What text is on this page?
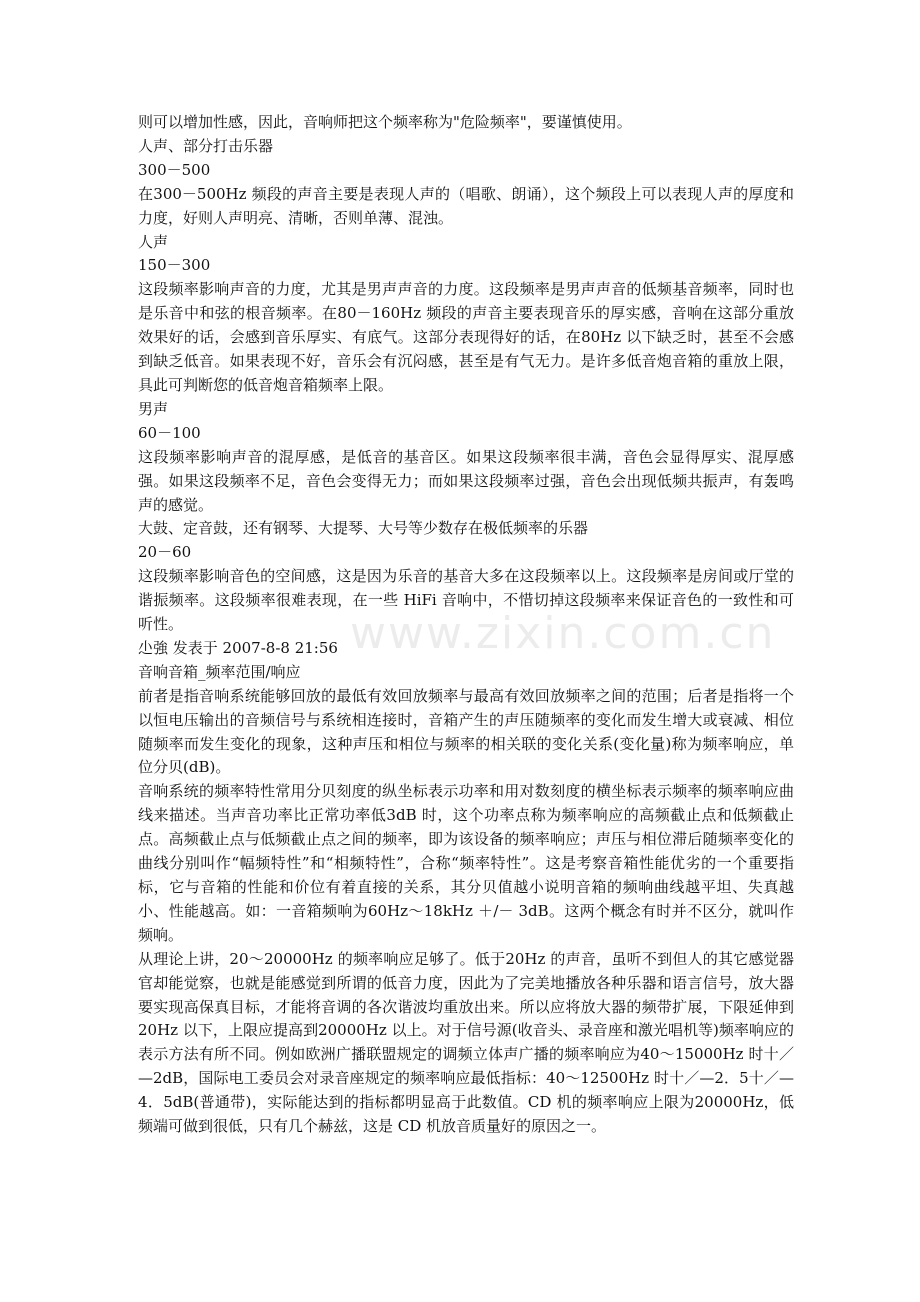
则可以增加性感，因此，音响师把这个频率称为"危险频率"，要谨慎使用。

人声、部分打击乐器

300－500

在300－500Hz 频段的声音主要是表现人声的（唱歌、朗诵），这个频段上可以表现人声的厚度和力度，好则人声明亮、清晰，否则单薄、混浊。

人声

150－300

这段频率影响声音的力度，尤其是男声声音的力度。这段频率是男声声音的低频基音频率，同时也是乐音中和弦的根音频率。在80－160Hz 频段的声音主要表现音乐的厚实感，音响在这部分重放效果好的话，会感到音乐厚实、有底气。这部分表现得好的话，在80Hz 以下缺乏时，甚至不会感到缺乏低音。如果表现不好，音乐会有沉闷感，甚至是有气无力。是许多低音炮音箱的重放上限，具此可判断您的低音炮音箱频率上限。

男声

60－100

这段频率影响声音的混厚感，是低音的基音区。如果这段频率很丰满，音色会显得厚实、混厚感强。如果这段频率不足，音色会变得无力；而如果这段频率过强，音色会出现低频共振声，有轰鸣声的感觉。

大鼓、定音鼓，还有钢琴、大提琴、大号等少数存在极低频率的乐器

20－60

这段频率影响音色的空间感，这是因为乐音的基音大多在这段频率以上。这段频率是房间或厅堂的谐振频率。这段频率很难表现，在一些 HiFi 音响中，不惜切掉这段频率来保证音色的一致性和可听性。

尐強 发表于 2007-8-8 21:56

音响音箱_频率范围/响应

前者是指音响系统能够回放的最低有效回放频率与最高有效回放频率之间的范围；后者是指将一个以恒电压输出的音频信号与系统相连接时，音箱产生的声压随频率的变化而发生增大或衰减、相位随频率而发生变化的现象，这种声压和相位与频率的相关联的变化关系(变化量)称为频率响应，单位分贝(dB)。

音响系统的频率特性常用分贝刻度的纵坐标表示功率和用对数刻度的横坐标表示频率的频率响应曲线来描述。当声音功率比正常功率低3dB 时，这个功率点称为频率响应的高频截止点和低频截止点。高频截止点与低频截止点之间的频率，即为该设备的频率响应；声压与相位滞后随频率变化的曲线分别叫作“幅频特性”和“相频特性”，合称“频率特性”。这是考察音箱性能优劣的一个重要指标，它与音箱的性能和价位有着直接的关系，其分贝值越小说明音箱的频响曲线越平坦、失真越小、性能越高。如：一音箱频响为60Hz～18kHz ＋/－ 3dB。这两个概念有时并不区分，就叫作频响。

从理论上讲，20～20000Hz 的频率响应足够了。低于20Hz 的声音，虽听不到但人的其它感觉器官却能觉察，也就是能感觉到所谓的低音力度，因此为了完美地播放各种乐器和语言信号，放大器要实现高保真目标，才能将音调的各次谐波均重放出来。所以应将放大器的频带扩展，下限延伸到20Hz 以下，上限应提高到20000Hz 以上。对于信号源(收音头、录音座和激光唱机等)频率响应的表示方法有所不同。例如欧洲广播联盟规定的调频立体声广播的频率响应为40～15000Hz 时十／—2dB，国际电工委员会对录音座规定的频率响应最低指标：40～12500Hz 时十／—2．5十／—4．5dB(普通带)，实际能达到的指标都明显高于此数值。CD 机的频率响应上限为20000Hz，低频端可做到很低，只有几个赫兹，这是 CD 机放音质量好的原因之一。

www.zixin.com.cn
